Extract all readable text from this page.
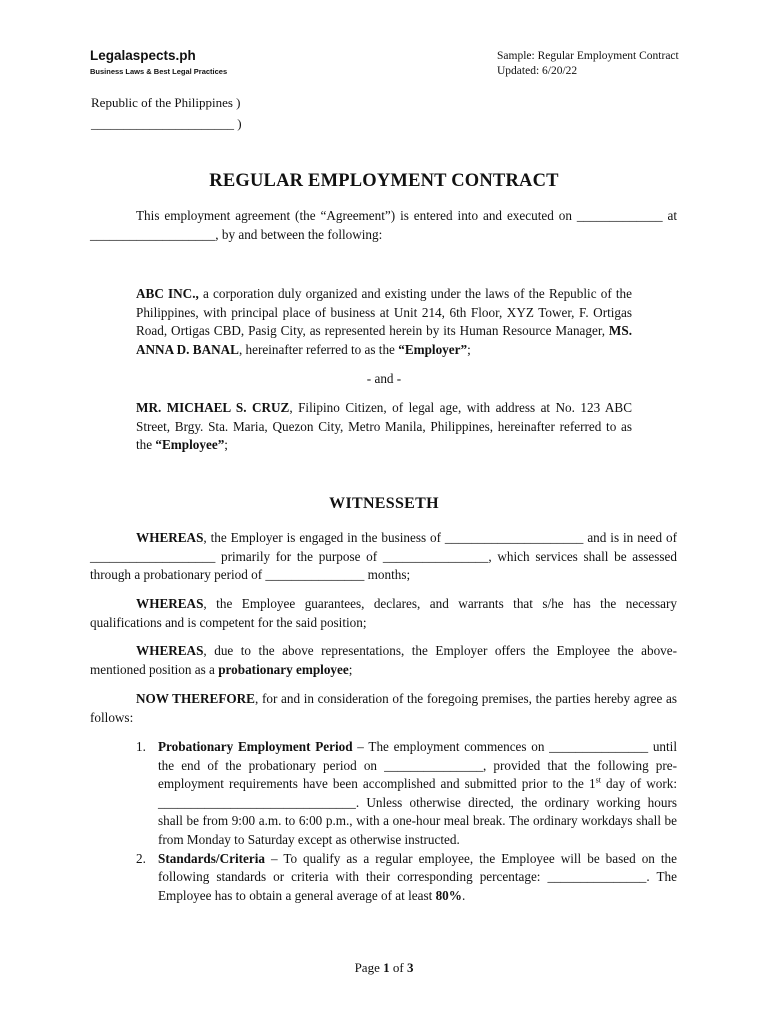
Legalaspects.ph
Business Laws & Best Legal Practices
Sample: Regular Employment Contract
Updated: 6/20/22
Republic of the Philippines )
______________________ )
REGULAR EMPLOYMENT CONTRACT
This employment agreement (the “Agreement”) is entered into and executed on _____________ at ___________________, by and between the following:
ABC INC., a corporation duly organized and existing under the laws of the Republic of the Philippines, with principal place of business at Unit 214, 6th Floor, XYZ Tower, F. Ortigas Road, Ortigas CBD, Pasig City, as represented herein by its Human Resource Manager, MS. ANNA D. BANAL, hereinafter referred to as the “Employer”;
- and -
MR. MICHAEL S. CRUZ, Filipino Citizen, of legal age, with address at No. 123 ABC Street, Brgy. Sta. Maria, Quezon City, Metro Manila, Philippines, hereinafter referred to as the “Employee”;
WITNESSETH
WHEREAS, the Employer is engaged in the business of _____________________ and is in need of ___________________ primarily for the purpose of ________________, which services shall be assessed through a probationary period of _______________ months;
WHEREAS, the Employee guarantees, declares, and warrants that s/he has the necessary qualifications and is competent for the said position;
WHEREAS, due to the above representations, the Employer offers the Employee the above-mentioned position as a probationary employee;
NOW THEREFORE, for and in consideration of the foregoing premises, the parties hereby agree as follows:
1. Probationary Employment Period – The employment commences on _______________ until the end of the probationary period on _______________, provided that the following pre-employment requirements have been accomplished and submitted prior to the 1st day of work: ______________________________. Unless otherwise directed, the ordinary working hours shall be from 9:00 a.m. to 6:00 p.m., with a one-hour meal break. The ordinary workdays shall be from Monday to Saturday except as otherwise instructed.
2. Standards/Criteria – To qualify as a regular employee, the Employee will be based on the following standards or criteria with their corresponding percentage: _______________. The Employee has to obtain a general average of at least 80%.
Page 1 of 3
